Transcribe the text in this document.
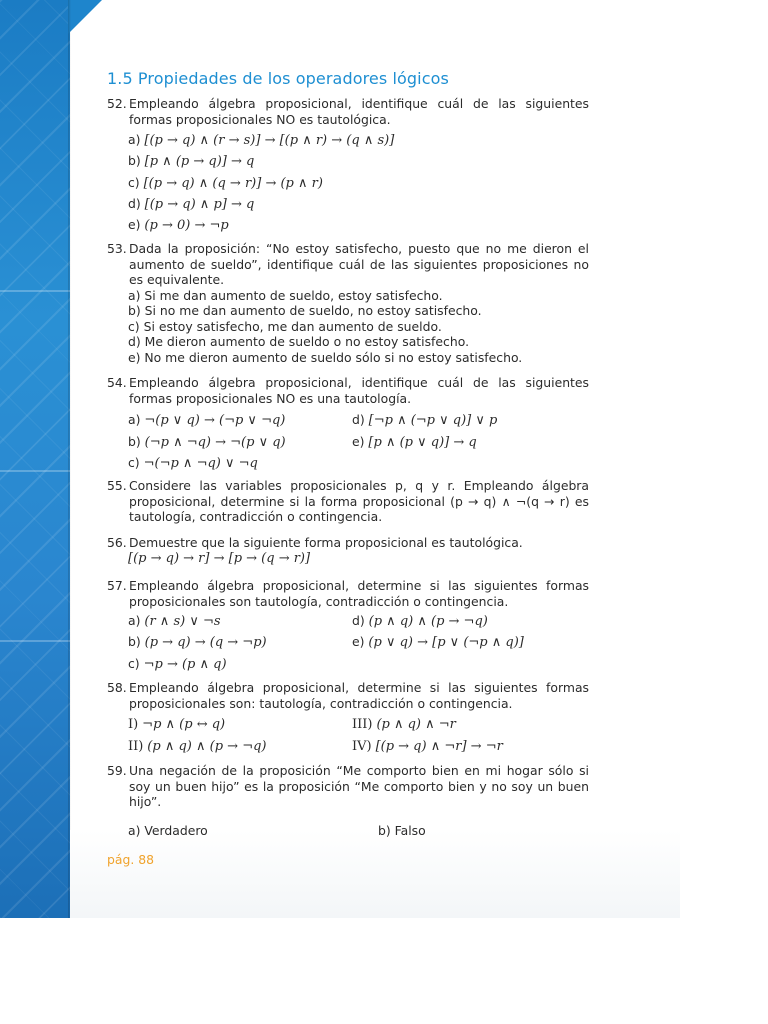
1.5 Propiedades de los operadores lógicos
52. Empleando álgebra proposicional, identifique cuál de las siguientes formas proposicionales NO es tautológica.
a) [(p → q) ∧ (r → s)] → [(p ∧ r) → (q ∧ s)]
b) [p ∧ (p → q)] → q
c) [(p → q) ∧ (q → r)] → (p ∧ r)
d) [(p → q) ∧ p] → q
e) (p → 0) → ¬p
53. Dada la proposición: “No estoy satisfecho, puesto que no me dieron el aumento de sueldo”, identifique cuál de las siguientes proposiciones no es equivalente.
a) Si me dan aumento de sueldo, estoy satisfecho.
b) Si no me dan aumento de sueldo, no estoy satisfecho.
c) Si estoy satisfecho, me dan aumento de sueldo.
d) Me dieron aumento de sueldo o no estoy satisfecho.
e) No me dieron aumento de sueldo sólo si no estoy satisfecho.
54. Empleando álgebra proposicional, identifique cuál de las siguientes formas proposicionales NO es una tautología.
a) ¬(p ∨ q) → (¬p ∨ ¬q)	d) [¬p ∧ (¬p ∨ q)] ∨ p
b) (¬p ∧ ¬q) → ¬(p ∨ q)	e) [p ∧ (p ∨ q)] → q
c) ¬(¬p ∧ ¬q) ∨ ¬q
55. Considere las variables proposicionales p, q y r. Empleando álgebra proposicional, determine si la forma proposicional (p → q) ∧ ¬(q → r) es tautología, contradicción o contingencia.
56. Demuestre que la siguiente forma proposicional es tautológica.
[(p → q) → r] → [p → (q → r)]
57. Empleando álgebra proposicional, determine si las siguientes formas proposicionales son tautología, contradicción o contingencia.
a) (r ∧ s) ∨ ¬s	d) (p ∧ q) ∧ (p → ¬q)
b) (p → q) → (q → ¬p)	e) (p ∨ q) → [p ∨ (¬p ∧ q)]
c) ¬p → (p ∧ q)
58. Empleando álgebra proposicional, determine si las siguientes formas proposicionales son: tautología, contradicción o contingencia.
I) ¬p ∧ (p ↔ q)	III) (p ∧ q) ∧ ¬r
II) (p ∧ q) ∧ (p → ¬q)	IV) [(p → q) ∧ ¬r] → ¬r
59. Una negación de la proposición “Me comporto bien en mi hogar sólo si soy un buen hijo” es la proposición “Me comporto bien y no soy un buen hijo”.
a) Verdadero	b) Falso
pág. 88
